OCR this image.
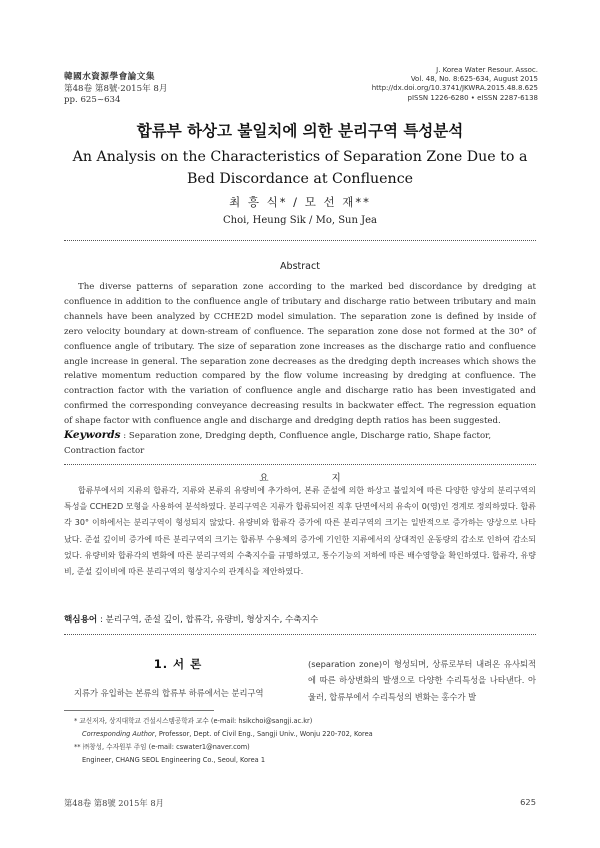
韓國水資源學會論文集
第48卷 第8號·2015年 8月
pp. 625~634
J. Korea Water Resour. Assoc.
Vol. 48, No. 8:625-634, August 2015
http://dx.doi.org/10.3741/JKWRA.2015.48.8.625
pISSN 1226-6280 • eISSN 2287-6138
합류부 하상고 불일치에 의한 분리구역 특성분석
An Analysis on the Characteristics of Separation Zone Due to a Bed Discordance at Confluence
최 흥 식* / 모 선 재**
Choi, Heung Sik / Mo, Sun Jea
Abstract

The diverse patterns of separation zone according to the marked bed discordance by dredging at confluence in addition to the confluence angle of tributary and discharge ratio between tributary and main channels have been analyzed by CCHE2D model simulation. The separation zone is defined by inside of zero velocity boundary at down-stream of confluence. The separation zone dose not formed at the 30° of confluence angle of tributary. The size of separation zone increases as the discharge ratio and confluence angle increase in general. The separation zone decreases as the dredging depth increases which shows the relative momentum reduction compared by the flow volume increasing by dredging at confluence. The contraction factor with the variation of confluence angle and discharge ratio has been investigated and confirmed the corresponding conveyance decreasing results in backwater effect. The regression equation of shape factor with confluence angle and discharge and dredging depth ratios has been suggested.

Keywords : Separation zone, Dredging depth, Confluence angle, Discharge ratio, Shape factor, Contraction factor

요 지

합류부에서의 지류의 합류각, 지류와 본류의 유량비에 추가하여, 본류 준설에 의한 하상고 불일치에 따른 다양한 양상의 분리구역의 특성을 CCHE2D 모형을 사용하여 분석하였다. 분리구역은 지류가 합류되어진 직후 단면에서의 유속이 0(영)인 경계로 정의하였다. 합류각 30° 이하에서는 분리구역이 형성되지 않았다. 유량비와 합류각 증가에 따른 분리구역의 크기는 일반적으로 증가하는 양상으로 나타났다. 준설 깊이비 증가에 따른 분리구역의 크기는 합류부 수용체의 증가에 기인한 지류에서의 상대적인 운동량의 감소로 인하여 감소되었다. 유량비와 합류각의 변화에 따른 분리구역의 수축지수를 규명하였고, 통수기능의 저하에 따른 배수영향을 확인하였다. 합류각, 유량비, 준설 깊이비에 따른 분리구역의 형상지수의 관계식을 제안하였다.

핵심용어 : 분리구역, 준설 깊이, 합류각, 유량비, 형상지수, 수축지수

1. 서 론

지류가 유입하는 본류의 합류부 하류에서는 분리구역

(separation zone)이 형성되며, 상류로부터 내려온 유사퇴적에 따른 하상변화의 발생으로 다양한 수리특성을 나타낸다. 아울러, 합류부에서 수리특성의 변화는 홍수가 발

* 교신저자, 상지대학교 건설시스템공학과 교수 (e-mail: hsikchoi@sangji.ac.kr)
Corresponding Author, Professor, Dept. of Civil Eng., Sangji Univ., Wonju 220-702, Korea
** ㈜창성, 수자원부 주임 (e-mail: cswater1@naver.com)
Engineer, CHANG SEOL Engineering Co., Seoul, Korea 1
第48卷 第8號 2015年 8月	625
